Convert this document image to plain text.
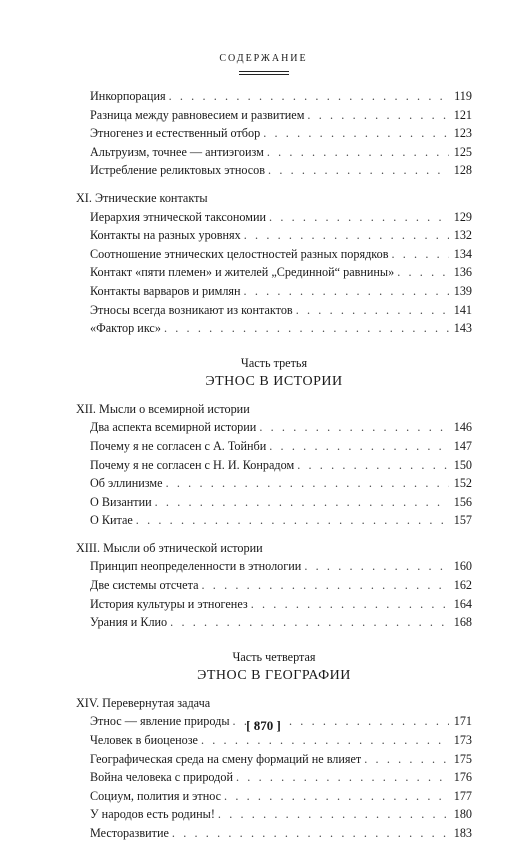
СОДЕРЖАНИЕ
Инкорпорация . . .	119
Разница между равновесием и развитием . . .	121
Этногенез и естественный отбор . . .	123
Альтруизм, точнее — антиэгоизм . . .	125
Истребление реликтовых этносов . . .	128
XI. Этнические контакты
Иерархия этнической таксономии . . .	129
Контакты на разных уровнях . . .	132
Соотношение этнических целостностей разных порядков . . .	134
Контакт «пяти племен» и жителей „Срединной“ равнины» . . .	136
Контакты варваров и римлян . . .	139
Этносы всегда возникают из контактов . . .	141
«Фактор икс» . . .	143
Часть третья
ЭТНОС В ИСТОРИИ
XII. Мысли о всемирной истории
Два аспекта всемирной истории . . .	146
Почему я не согласен с А. Тойнби . . .	147
Почему я не согласен с Н. И. Конрадом . . .	150
Об эллинизме . . .	152
О Византии . . .	156
О Китае . . .	157
XIII. Мысли об этнической истории
Принцип неопределенности в этнологии . . .	160
Две системы отсчета . . .	162
История культуры и этногенез . . .	164
Урания и Клио . . .	168
Часть четвертая
ЭТНОС В ГЕОГРАФИИ
XIV. Перевернутая задача
Этнос — явление природы . . .	171
Человек в биоценозе . . .	173
Географическая среда на смену формаций не влияет . . .	175
Война человека с природой . . .	176
Социум, полития и этнос . . .	177
У народов есть родины! . . .	180
Месторазвитие . . .	183
[ 870 ]
